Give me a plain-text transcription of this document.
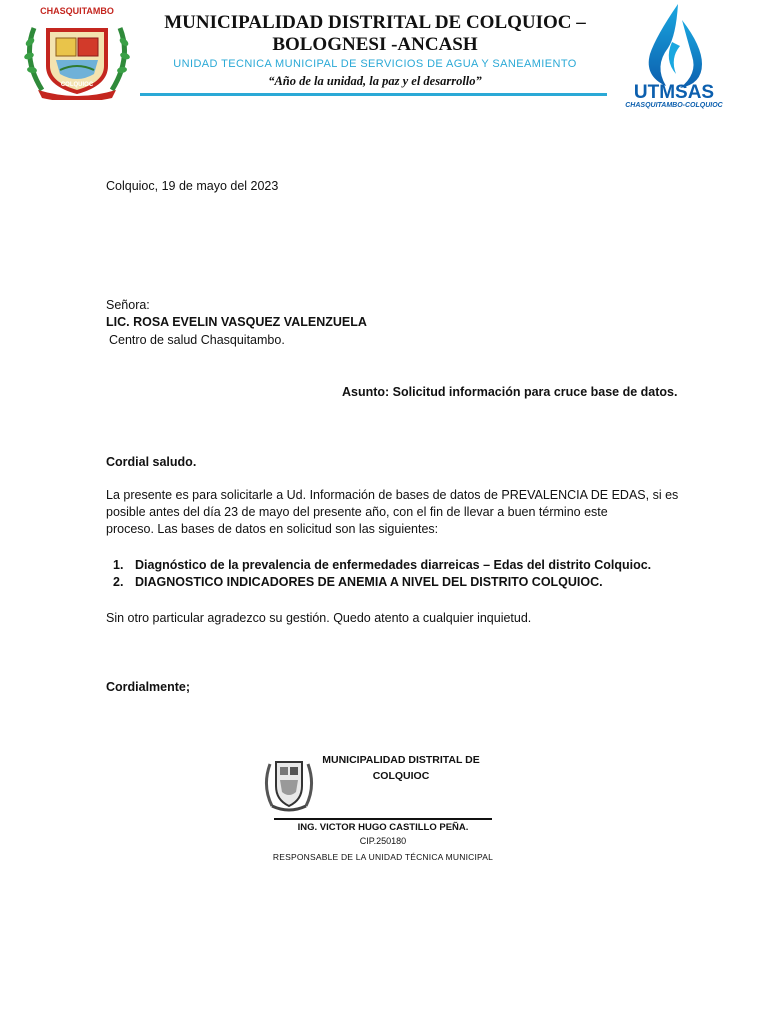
CHASQUITAMBO
COLQUIOC
MUNICIPALIDAD DISTRITAL DE COLQUIOC – BOLOGNESI -ANCASH
UNIDAD TECNICA MUNICIPAL DE SERVICIOS DE AGUA Y SANEAMIENTO
“Año de la unidad, la paz y el desarrollo”
UTMSAS
CHASQUITAMBO-COLQUIOC
Colquioc, 19 de mayo del 2023
Señora:
LIC. ROSA EVELIN VASQUEZ VALENZUELA
Centro de salud Chasquitambo.
Asunto: Solicitud información para cruce base de datos.
Cordial saludo.
La presente es para solicitarle a Ud. Información de bases de datos de PREVALENCIA DE EDAS, si es
posible antes del día 23 de mayo del presente año, con el fin de llevar a buen término este
proceso. Las bases de datos en solicitud son las siguientes:
1. Diagnóstico de la prevalencia de enfermedades diarreicas – Edas del distrito Colquioc.
2. DIAGNOSTICO INDICADORES DE ANEMIA A NIVEL DEL DISTRITO COLQUIOC.
Sin otro particular agradezco su gestión. Quedo atento a cualquier inquietud.
Cordialmente;
MUNICIPALIDAD DISTRITAL DE
COLQUIOC
ING. VICTOR HUGO CASTILLO PEÑA.
CIP.250180
RESPONSABLE DE LA UNIDAD TÉCNICA MUNICIPAL
